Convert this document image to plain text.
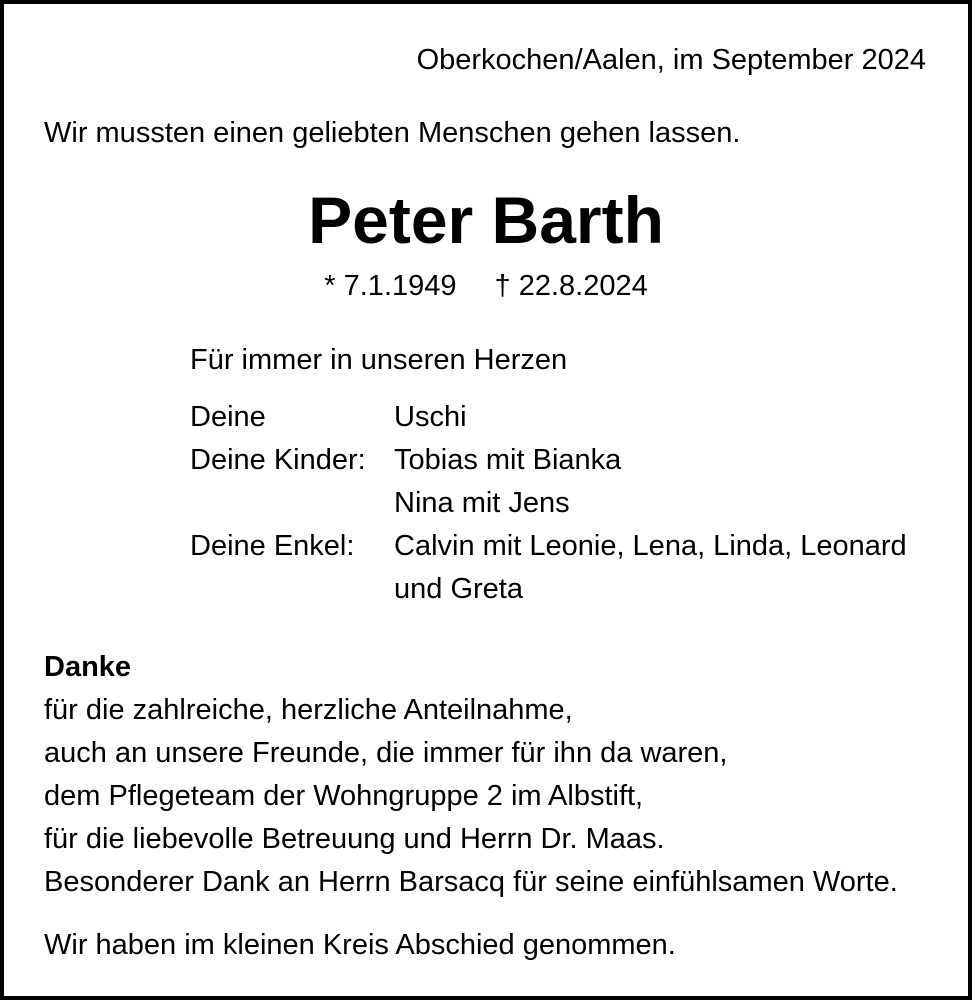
Oberkochen/Aalen, im September 2024
Wir mussten einen geliebten Menschen gehen lassen.
Peter Barth
* 7.1.1949 † 22.8.2024
Für immer in unseren Herzen
Deine	Uschi
Deine Kinder: Tobias mit Bianka
Nina mit Jens
Deine Enkel:	Calvin mit Leonie, Lena, Linda, Leonard
und Greta
Danke
für die zahlreiche, herzliche Anteilnahme,
auch an unsere Freunde, die immer für ihn da waren,
dem Pflegeteam der Wohngruppe 2 im Albstift,
für die liebevolle Betreuung und Herrn Dr. Maas.
Besonderer Dank an Herrn Barsacq für seine einfühlsamen Worte.
Wir haben im kleinen Kreis Abschied genommen.
